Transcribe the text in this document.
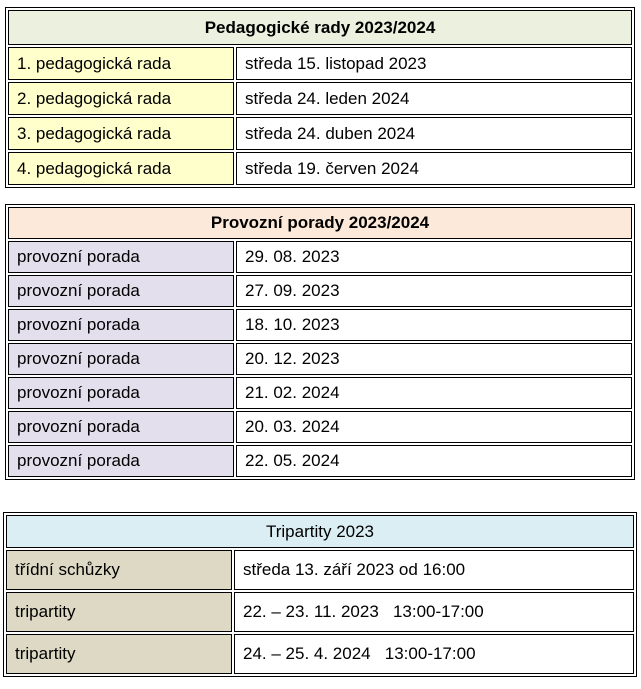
Pedagogické rady 2023/2024	
1. pedagogická rada	středa 15. listopad 2023
2. pedagogická rada	středa 24. leden 2024
3. pedagogická rada	středa 24. duben 2024
4. pedagogická rada	středa 19. červen 2024
Provozní porady 2023/2024	
provozní porada	29. 08. 2023
provozní porada	27. 09. 2023
provozní porada	18. 10. 2023
provozní porada	20. 12. 2023
provozní porada	21. 02. 2024
provozní porada	20. 03. 2024
provozní porada	22. 05. 2024
Tripartity 2023	
třídní schůzky	středa 13. září 2023 od 16:00
tripartity	22. – 23. 11. 2023   13:00-17:00
tripartity	24. – 25. 4. 2024   13:00-17:00
